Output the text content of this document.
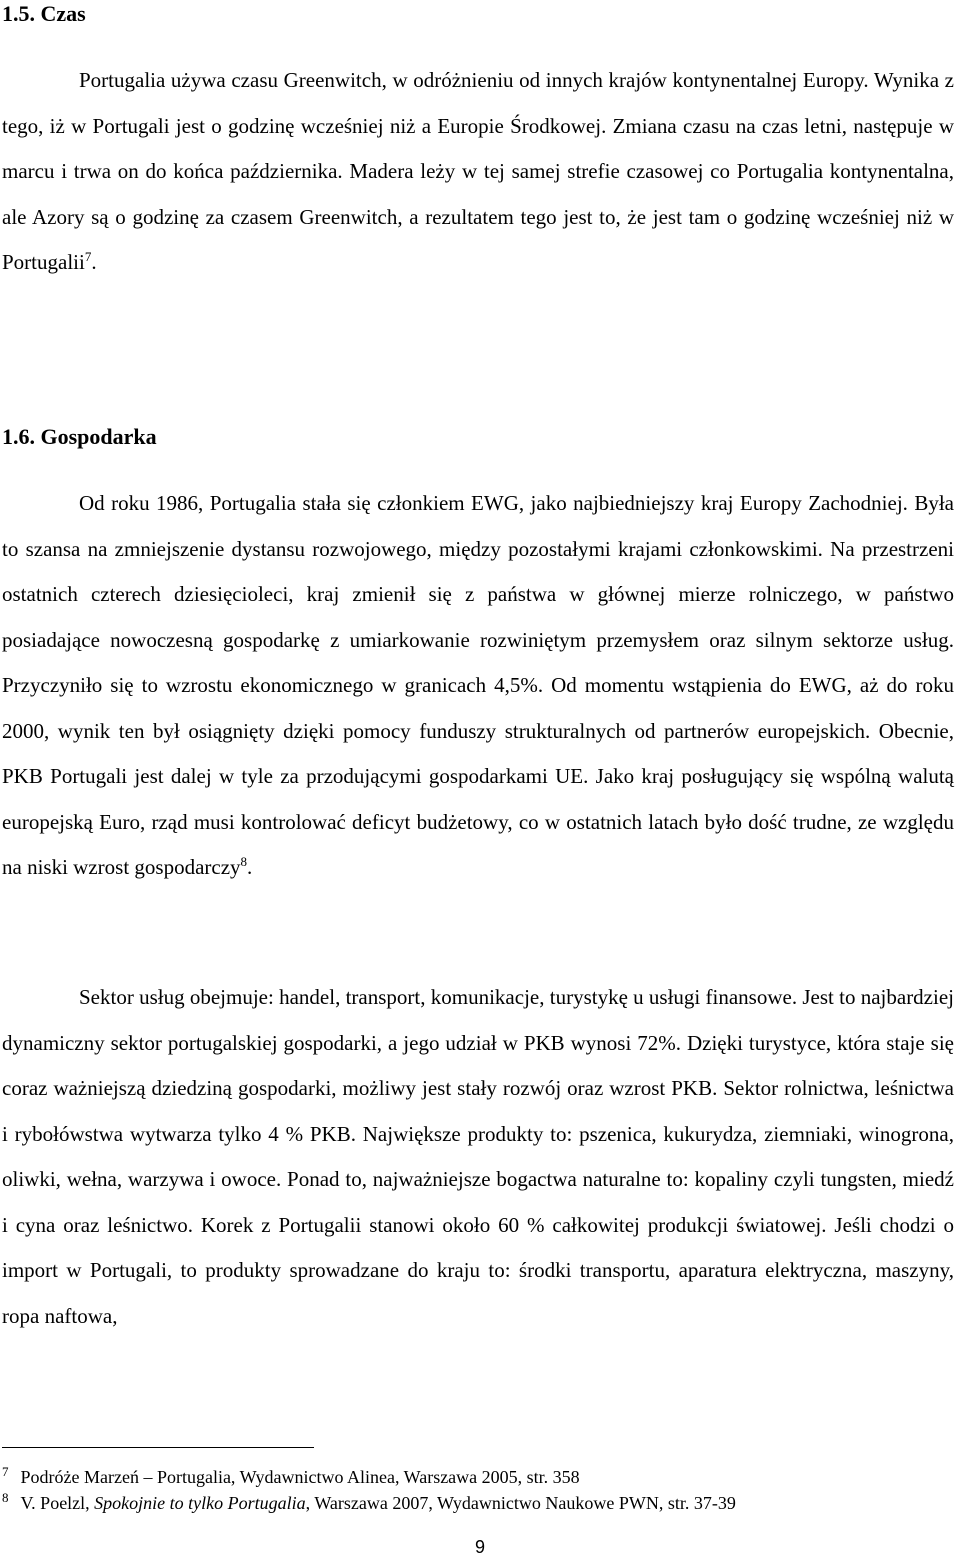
1.5. Czas

Portugalia używa czasu Greenwitch, w odróżnieniu od innych krajów kontynentalnej Europy. Wynika z tego, iż w Portugali jest o godzinę wcześniej niż a Europie Środkowej. Zmiana czasu na czas letni, następuje w marcu i trwa on do końca października. Madera leży w tej samej strefie czasowej co Portugalia kontynentalna, ale Azory są o godzinę za czasem Greenwitch, a rezultatem tego jest to, że jest tam o godzinę wcześniej niż w Portugalii$^7$.

1.6. Gospodarka

Od roku 1986, Portugalia stała się członkiem EWG, jako najbiedniejszy kraj Europy Zachodniej. Była to szansa na zmniejszenie dystansu rozwojowego, między pozostałymi krajami członkowskimi. Na przestrzeni ostatnich czterech dziesięcioleci, kraj zmienił się z państwa w głównej mierze rolniczego, w państwo posiadające nowoczesną gospodarkę z umiarkowanie rozwiniętym przemysłem oraz silnym sektorze usług. Przyczyniło się to wzrostu ekonomicznego w granicach 4,5%. Od momentu wstąpienia do EWG, aż do roku 2000, wynik ten był osiągnięty dzięki pomocy funduszy strukturalnych od partnerów europejskich. Obecnie, PKB Portugali jest dalej w tyle za przodującymi gospodarkami UE. Jako kraj posługujący się wspólną walutą europejską Euro, rząd musi kontrolować deficyt budżetowy, co w ostatnich latach było dość trudne, ze względu na niski wzrost gospodarczy$^8$.

Sektor usług obejmuje: handel, transport, komunikacje, turystykę u usługi finansowe. Jest to najbardziej dynamiczny sektor portugalskiej gospodarki, a jego udział w PKB wynosi 72%. Dzięki turystyce, która staje się coraz ważniejszą dziedziną gospodarki, możliwy jest stały rozwój oraz wzrost PKB. Sektor rolnictwa, leśnictwa i rybołówstwa wytwarza tylko 4 % PKB. Największe produkty to: pszenica, kukurydza, ziemniaki, winogrona, oliwki, wełna, warzywa i owoce. Ponad to, najważniejsze bogactwa naturalne to: kopaliny czyli tungsten, miedź i cyna oraz leśnictwo. Korek z Portugalii stanowi około 60 % całkowitej produkcji światowej. Jeśli chodzi o import w Portugali, to produkty sprowadzane do kraju to: środki transportu, aparatura elektryczna, maszyny, ropa naftowa,

7 Podróże Marzeń – Portugalia, Wydawnictwo Alinea, Warszawa 2005, str. 358

8 V. Poelzl, Spokojnie to tylko Portugalia, Warszawa 2007, Wydawnictwo Naukowe PWN, str. 37-39

9
